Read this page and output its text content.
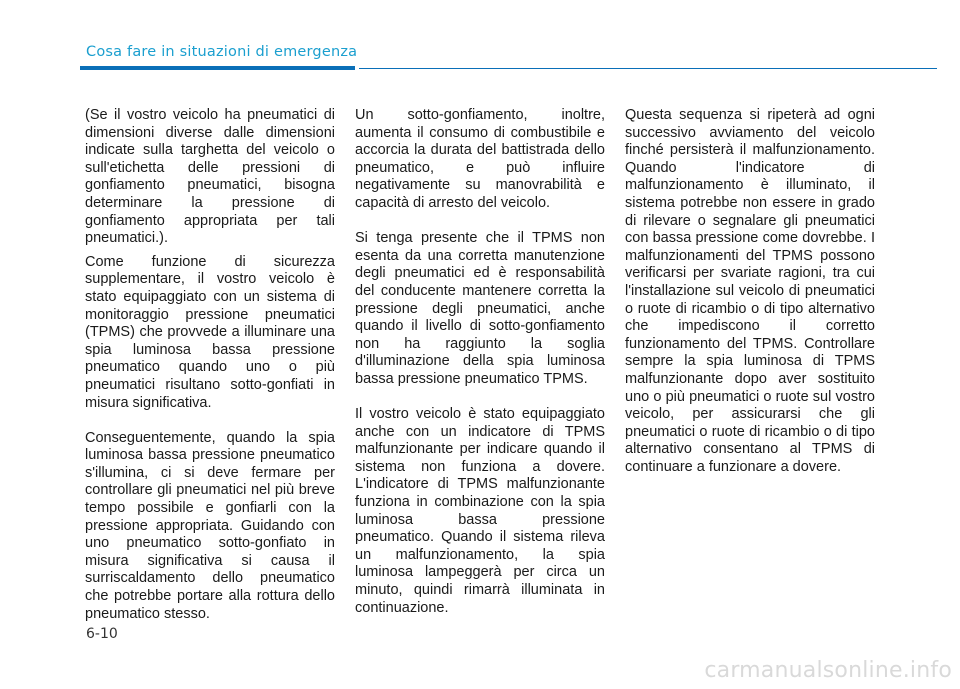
Cosa fare in situazioni di emergenza

(Se il vostro veicolo ha pneumatici di dimensioni diverse dalle dimensioni indicate sulla targhetta del veicolo o sull'etichetta delle pressioni di gonfiamento pneumatici, bisogna determinare la pressione di gonfiamento appropriata per tali pneumatici.).

Come funzione di sicurezza supplementare, il vostro veicolo è stato equipaggiato con un sistema di monitoraggio pressione pneumatici (TPMS) che provvede a illuminare una spia luminosa bassa pressione pneumatico quando uno o più pneumatici risultano sotto-gonfiati in misura significativa.

Conseguentemente, quando la spia luminosa bassa pressione pneumatico s'illumina, ci si deve fermare per controllare gli pneumatici nel più breve tempo possibile e gonfiarli con la pressione appropriata. Guidando con uno pneumatico sotto-gonfiato in misura significativa si causa il surriscaldamento dello pneumatico che potrebbe portare alla rottura dello pneumatico stesso.

Un sotto-gonfiamento, inoltre, aumenta il consumo di combustibile e accorcia la durata del battistrada dello pneumatico, e può influire negativamente su manovrabilità e capacità di arresto del veicolo.

Si tenga presente che il TPMS non esenta da una corretta manutenzione degli pneumatici ed è responsabilità del conducente mantenere corretta la pressione degli pneumatici, anche quando il livello di sotto-gonfiamento non ha raggiunto la soglia d'illuminazione della spia luminosa bassa pressione pneumatico TPMS.

Il vostro veicolo è stato equipaggiato anche con un indicatore di TPMS malfunzionante per indicare quando il sistema non funziona a dovere. L'indicatore di TPMS malfunzionante funziona in combinazione con la spia luminosa bassa pressione pneumatico. Quando il sistema rileva un malfunzionamento, la spia luminosa lampeggerà per circa un minuto, quindi rimarrà illuminata in continuazione.

Questa sequenza si ripeterà ad ogni successivo avviamento del veicolo finché persisterà il malfunzionamento. Quando l'indicatore di malfunzionamento è illuminato, il sistema potrebbe non essere in grado di rilevare o segnalare gli pneumatici con bassa pressione come dovrebbe. I malfunzionamenti del TPMS possono verificarsi per svariate ragioni, tra cui l'installazione sul veicolo di pneumatici o ruote di ricambio o di tipo alternativo che impediscono il corretto funzionamento del TPMS. Controllare sempre la spia luminosa di TPMS malfunzionante dopo aver sostituito uno o più pneumatici o ruote sul vostro veicolo, per assicurarsi che gli pneumatici o ruote di ricambio o di tipo alternativo consentano al TPMS di continuare a funzionare a dovere.

6-10
carmanualsonline.info
